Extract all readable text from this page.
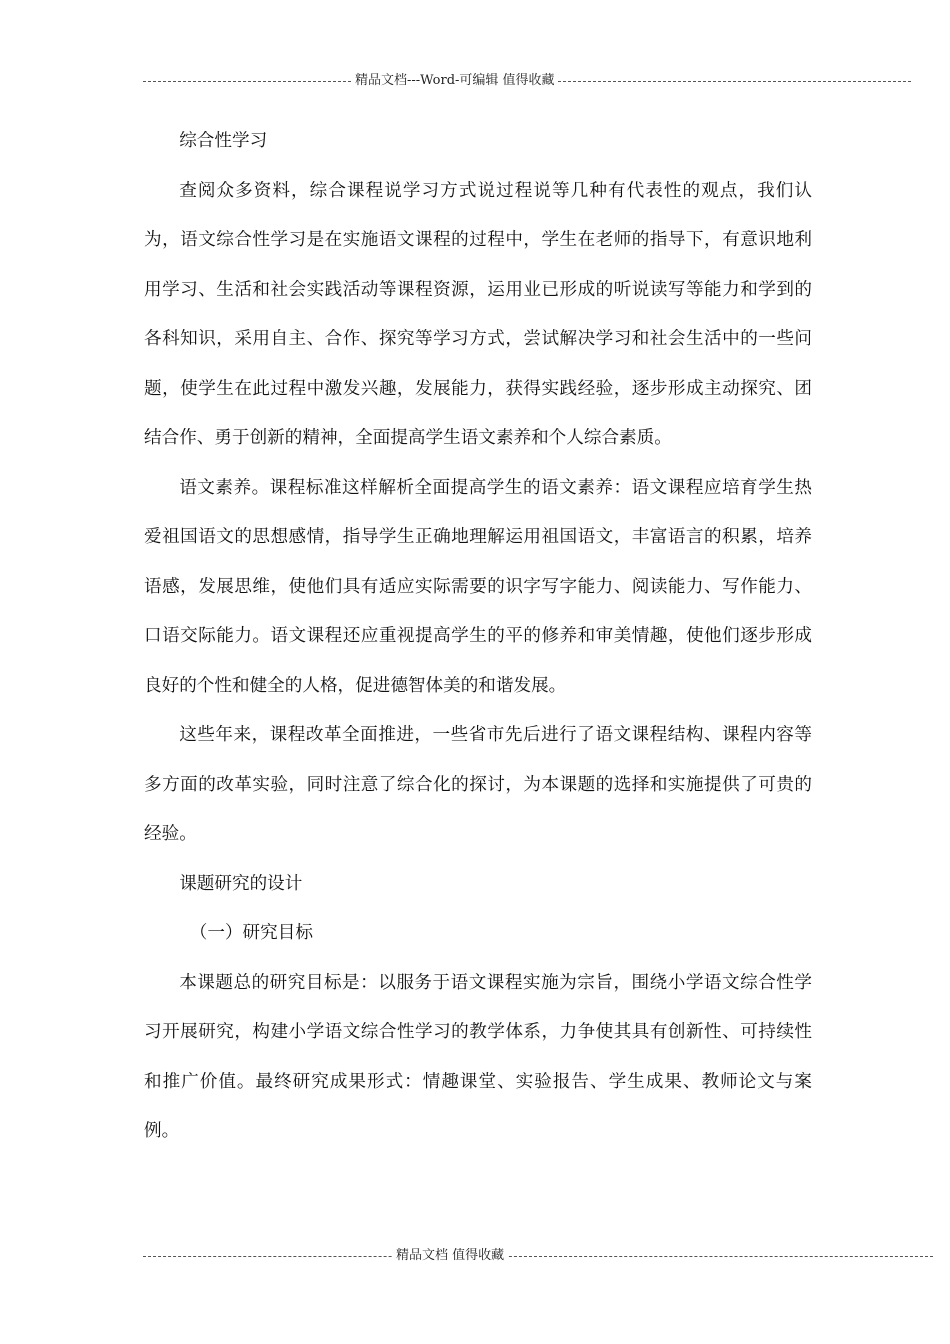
精品文档---Word-可编辑 值得收藏

综合性学习

查阅众多资料，综合课程说学习方式说过程说等几种有代表性的观点，我们认为，语文综合性学习是在实施语文课程的过程中，学生在老师的指导下，有意识地利用学习、生活和社会实践活动等课程资源，运用业已形成的听说读写等能力和学到的各科知识，采用自主、合作、探究等学习方式，尝试解决学习和社会生活中的一些问题，使学生在此过程中激发兴趣，发展能力，获得实践经验，逐步形成主动探究、团结合作、勇于创新的精神，全面提高学生语文素养和个人综合素质。

语文素养。课程标准这样解析全面提高学生的语文素养：语文课程应培育学生热爱祖国语文的思想感情，指导学生正确地理解运用祖国语文，丰富语言的积累，培养语感，发展思维，使他们具有适应实际需要的识字写字能力、阅读能力、写作能力、口语交际能力。语文课程还应重视提高学生的平的修养和审美情趣，使他们逐步形成良好的个性和健全的人格，促进德智体美的和谐发展。

这些年来，课程改革全面推进，一些省市先后进行了语文课程结构、课程内容等多方面的改革实验，同时注意了综合化的探讨，为本课题的选择和实施提供了可贵的经验。

课题研究的设计

（一）研究目标

本课题总的研究目标是：以服务于语文课程实施为宗旨，围绕小学语文综合性学习开展研究，构建小学语文综合性学习的教学体系，力争使其具有创新性、可持续性和推广价值。最终研究成果形式：情趣课堂、实验报告、学生成果、教师论文与案例。

精品文档 值得收藏
